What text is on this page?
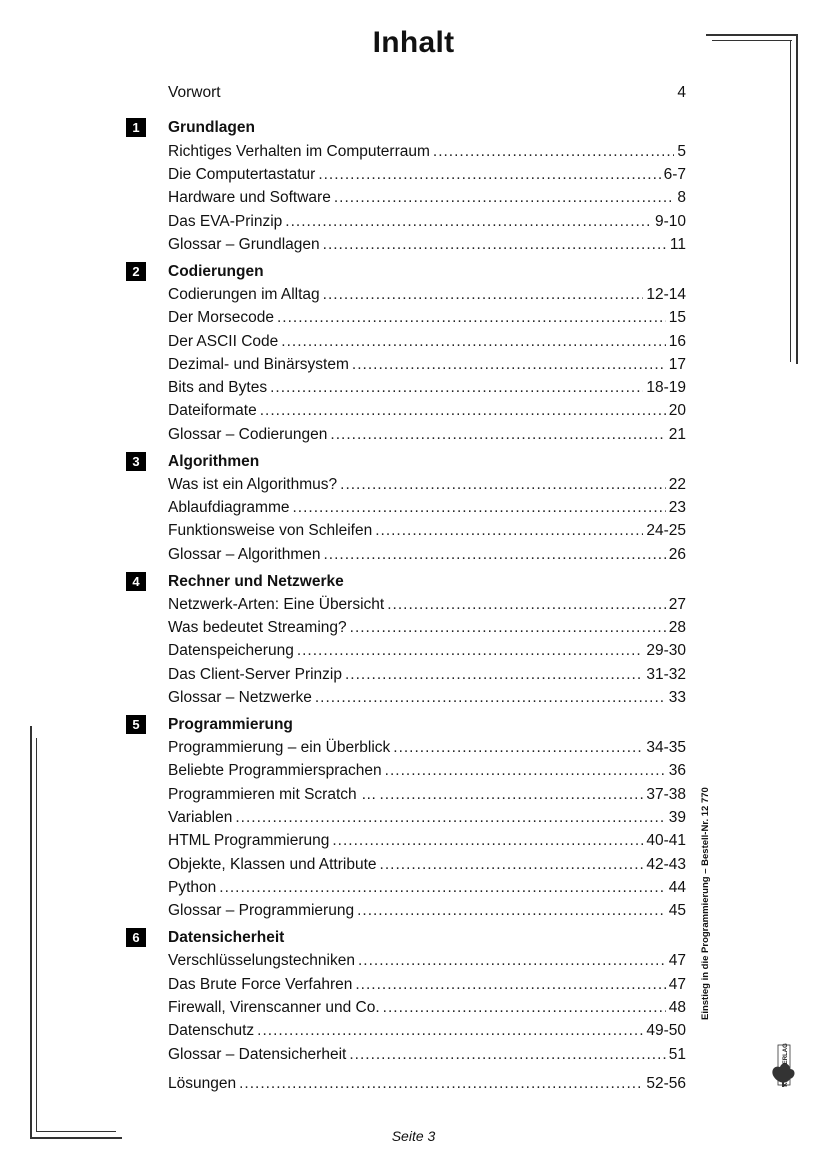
Inhalt
Vorwort	4
1	Grundlagen
Richtiges Verhalten im Computerraum .....	5
Die Computertastatur .....	6-7
Hardware und Software .....	8
Das EVA-Prinzip .....	9-10
Glossar – Grundlagen .....	11
2	Codierungen
Codierungen im Alltag .....	12-14
Der Morsecode .....	15
Der ASCII Code .....	16
Dezimal- und Binärsystem .....	17
Bits and Bytes .....	18-19
Dateiformate .....	20
Glossar – Codierungen .....	21
3	Algorithmen
Was ist ein Algorithmus? .....	22
Ablaufdiagramme .....	23
Funktionsweise von Schleifen .....	24-25
Glossar – Algorithmen .....	26
4	Rechner und Netzwerke
Netzwerk-Arten: Eine Übersicht .....	27
Was bedeutet Streaming? .....	28
Datenspeicherung .....	29-30
Das Client-Server Prinzip .....	31-32
Glossar – Netzwerke .....	33
5	Programmierung
Programmierung – ein Überblick .....	34-35
Beliebte Programmiersprachen .....	36
Programmieren mit Scratch … .....	37-38
Variablen .....	39
HTML Programmierung .....	40-41
Objekte, Klassen und Attribute .....	42-43
Python .....	44
Glossar – Programmierung .....	45
6	Datensicherheit
Verschlüsselungstechniken .....	47
Das Brute Force Verfahren .....	47
Firewall, Virenscanner und Co. .....	48
Datenschutz .....	49-50
Glossar – Datensicherheit .....	51
Lösungen .....	52-56
Seite 3
Einstieg in die Programmierung – Bestell-Nr. 12 770
